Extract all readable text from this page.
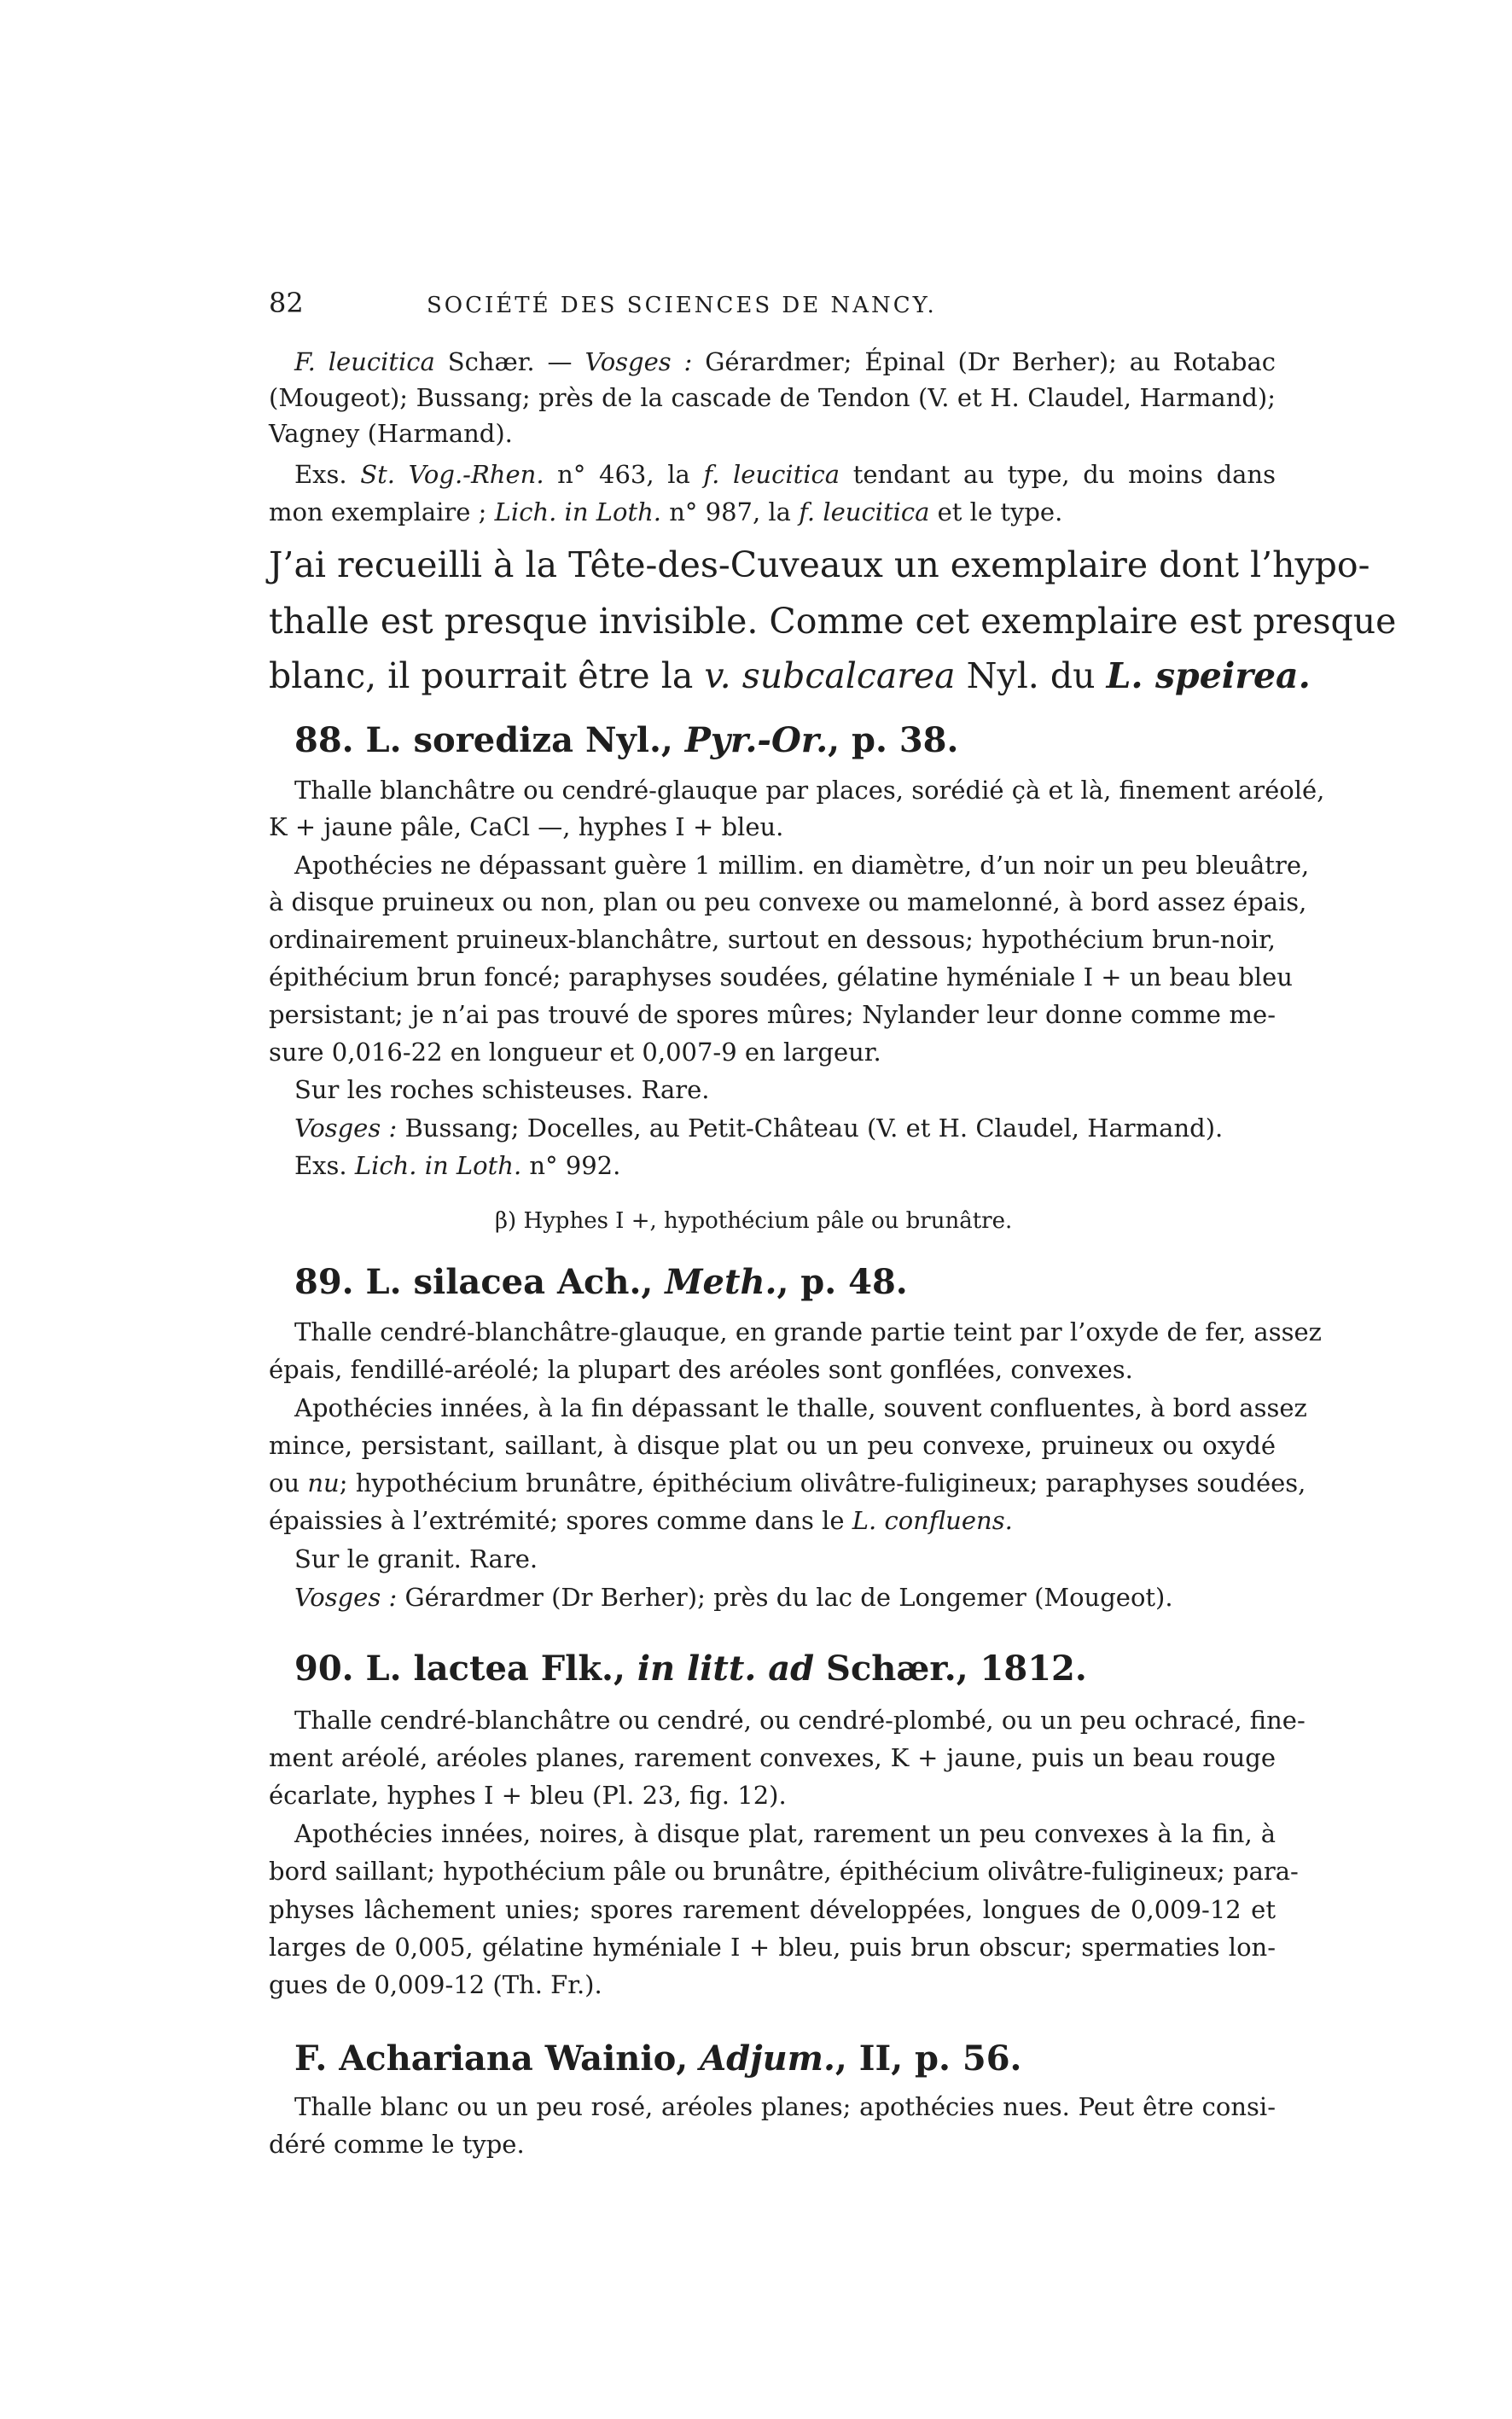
82	SOCIÉTÉ DES SCIENCES DE NANCY.

F. leucitica Schær. — Vosges : Gérardmer; Épinal (Dr Berher); au Rotabac

(Mougeot); Bussang; près de la cascade de Tendon (V. et H. Claudel, Harmand);

Vagney (Harmand).

Exs. St. Vog.-Rhen. n° 463, la f. leucitica tendant au type, du moins dans

mon exemplaire ; Lich. in Loth. n° 987, la f. leucitica et le type.

J’ai recueilli à la Tête-des-Cuveaux un exemplaire dont l’hypo-

thalle est presque invisible. Comme cet exemplaire est presque

blanc, il pourrait être la v. subcalcarea Nyl. du L. speirea.

88. L. sorediza Nyl., Pyr.-Or., p. 38.

Thalle blanchâtre ou cendré-glauque par places, sorédié çà et là, finement aréolé,

K + jaune pâle, CaCl —, hyphes I + bleu.

Apothécies ne dépassant guère 1 millim. en diamètre, d’un noir un peu bleuâtre,

à disque pruineux ou non, plan ou peu convexe ou mamelonné, à bord assez épais,

ordinairement pruineux-blanchâtre, surtout en dessous; hypothécium brun-noir,

épithécium brun foncé; paraphyses soudées, gélatine hyméniale I + un beau bleu

persistant; je n’ai pas trouvé de spores mûres; Nylander leur donne comme me-

sure 0,016-22 en longueur et 0,007-9 en largeur.

Sur les roches schisteuses. Rare.

Vosges : Bussang; Docelles, au Petit-Château (V. et H. Claudel, Harmand).

Exs. Lich. in Loth. n° 992.

β) Hyphes I +, hypothécium pâle ou brunâtre.

89. L. silacea Ach., Meth., p. 48.

Thalle cendré-blanchâtre-glauque, en grande partie teint par l’oxyde de fer, assez

épais, fendillé-aréolé; la plupart des aréoles sont gonflées, convexes.

Apothécies innées, à la fin dépassant le thalle, souvent confluentes, à bord assez

mince, persistant, saillant, à disque plat ou un peu convexe, pruineux ou oxydé

ou nu; hypothécium brunâtre, épithécium olivâtre-fuligineux; paraphyses soudées,

épaissies à l’extrémité; spores comme dans le L. confluens.

Sur le granit. Rare.

Vosges : Gérardmer (Dr Berher); près du lac de Longemer (Mougeot).

90. L. lactea Flk., in litt. ad Schær., 1812.

Thalle cendré-blanchâtre ou cendré, ou cendré-plombé, ou un peu ochracé, fine-

ment aréolé, aréoles planes, rarement convexes, K + jaune, puis un beau rouge

écarlate, hyphes I + bleu (Pl. 23, fig. 12).

Apothécies innées, noires, à disque plat, rarement un peu convexes à la fin, à

bord saillant; hypothécium pâle ou brunâtre, épithécium olivâtre-fuligineux; para-

physes lâchement unies; spores rarement développées, longues de 0,009-12 et

larges de 0,005, gélatine hyméniale I + bleu, puis brun obscur; spermaties lon-

gues de 0,009-12 (Th. Fr.).

F. Achariana Wainio, Adjum., II, p. 56.

Thalle blanc ou un peu rosé, aréoles planes; apothécies nues. Peut être consi-

déré comme le type.
